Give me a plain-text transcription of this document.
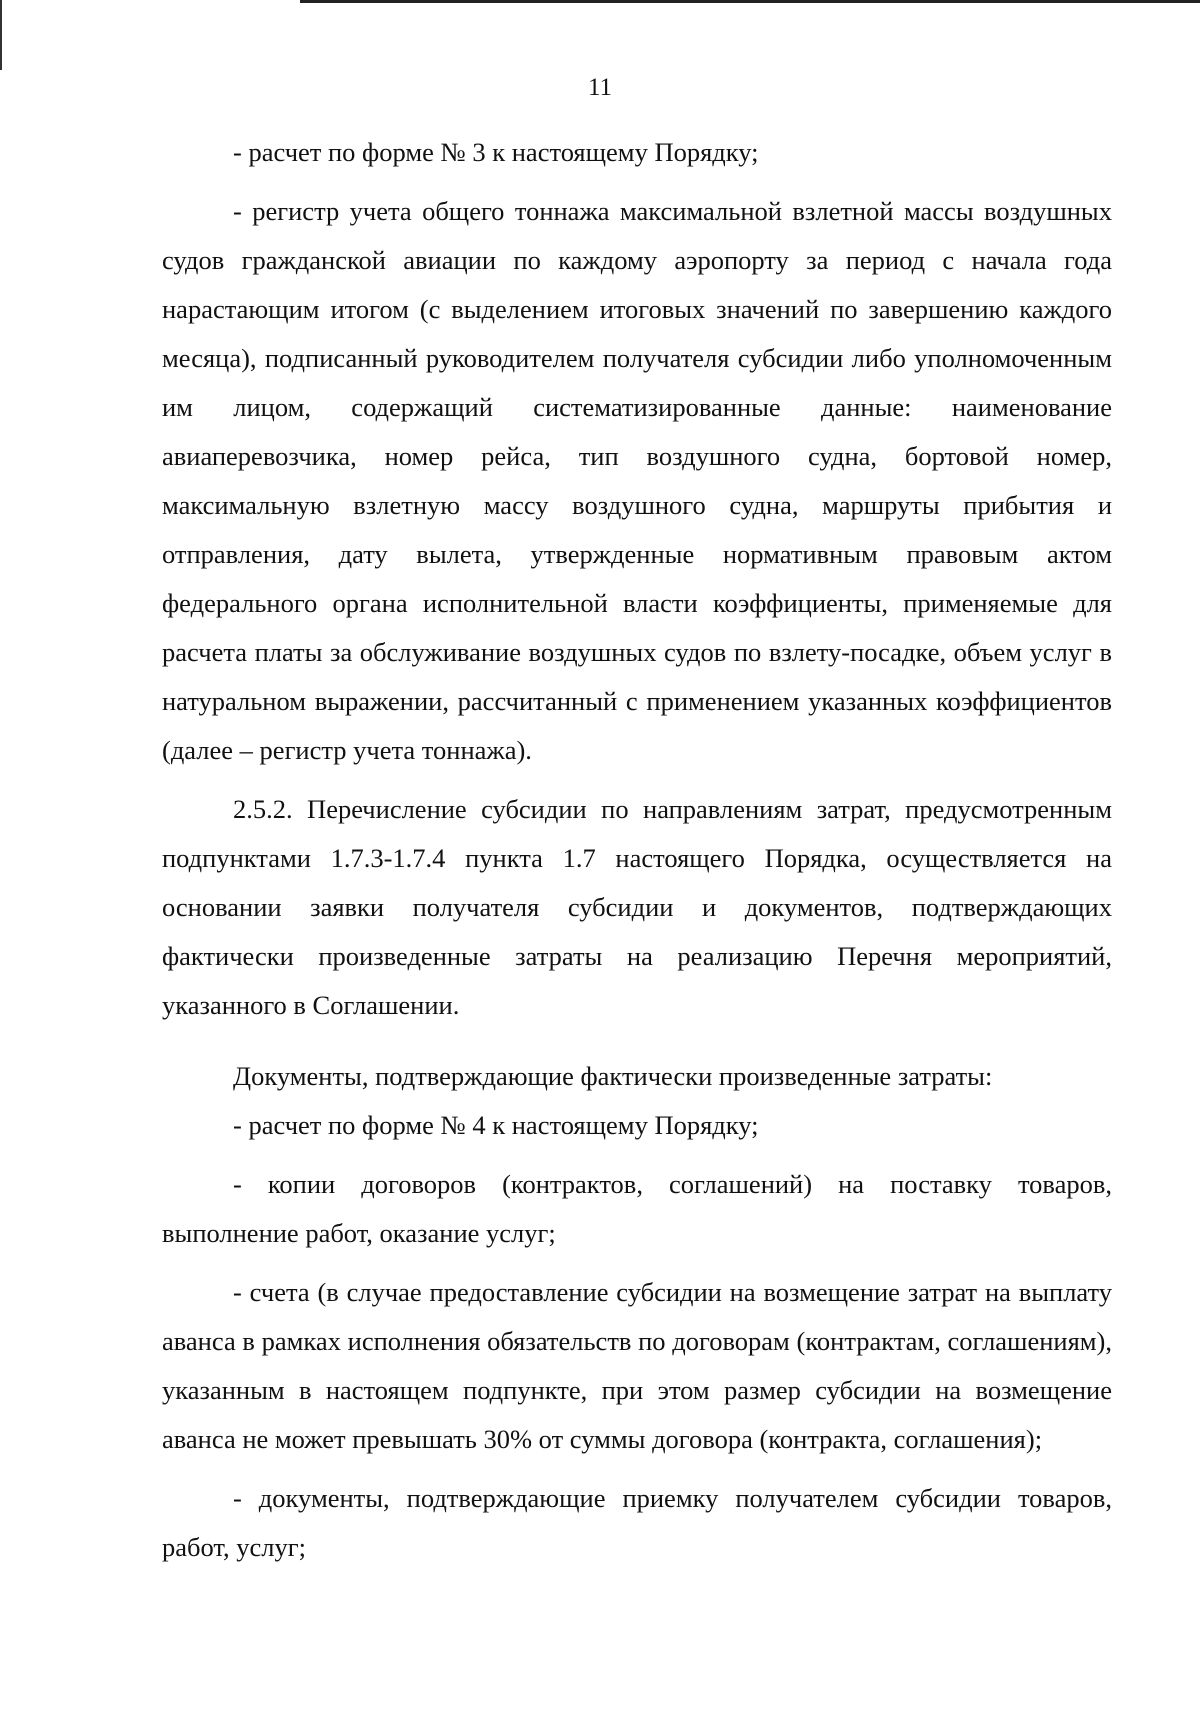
11

- расчет по форме № 3 к настоящему Порядку;

- регистр учета общего тоннажа максимальной взлетной массы воздушных судов гражданской авиации по каждому аэропорту за период с начала года нарастающим итогом (с выделением итоговых значений по завершению каждого месяца), подписанный руководителем получателя субсидии либо уполномоченным им лицом, содержащий систематизированные данные: наименование авиаперевозчика, номер рейса, тип воздушного судна, бортовой номер, максимальную взлетную массу воздушного судна, маршруты прибытия и отправления, дату вылета, утвержденные нормативным правовым актом федерального органа исполнительной власти коэффициенты, применяемые для расчета платы за обслуживание воздушных судов по взлету-посадке, объем услуг в натуральном выражении, рассчитанный с применением указанных коэффициентов (далее – регистр учета тоннажа).

2.5.2. Перечисление субсидии по направлениям затрат, предусмотренным подпунктами 1.7.3-1.7.4 пункта 1.7 настоящего Порядка, осуществляется на основании заявки получателя субсидии и документов, подтверждающих фактически произведенные затраты на реализацию Перечня мероприятий, указанного в Соглашении.

Документы, подтверждающие фактически произведенные затраты:

- расчет по форме № 4 к настоящему Порядку;

- копии договоров (контрактов, соглашений) на поставку товаров, выполнение работ, оказание услуг;

- счета (в случае предоставление субсидии на возмещение затрат на выплату аванса в рамках исполнения обязательств по договорам (контрактам, соглашениям), указанным в настоящем подпункте, при этом размер субсидии на возмещение аванса не может превышать 30% от суммы договора (контракта, соглашения);

- документы, подтверждающие приемку получателем субсидии товаров, работ, услуг;
